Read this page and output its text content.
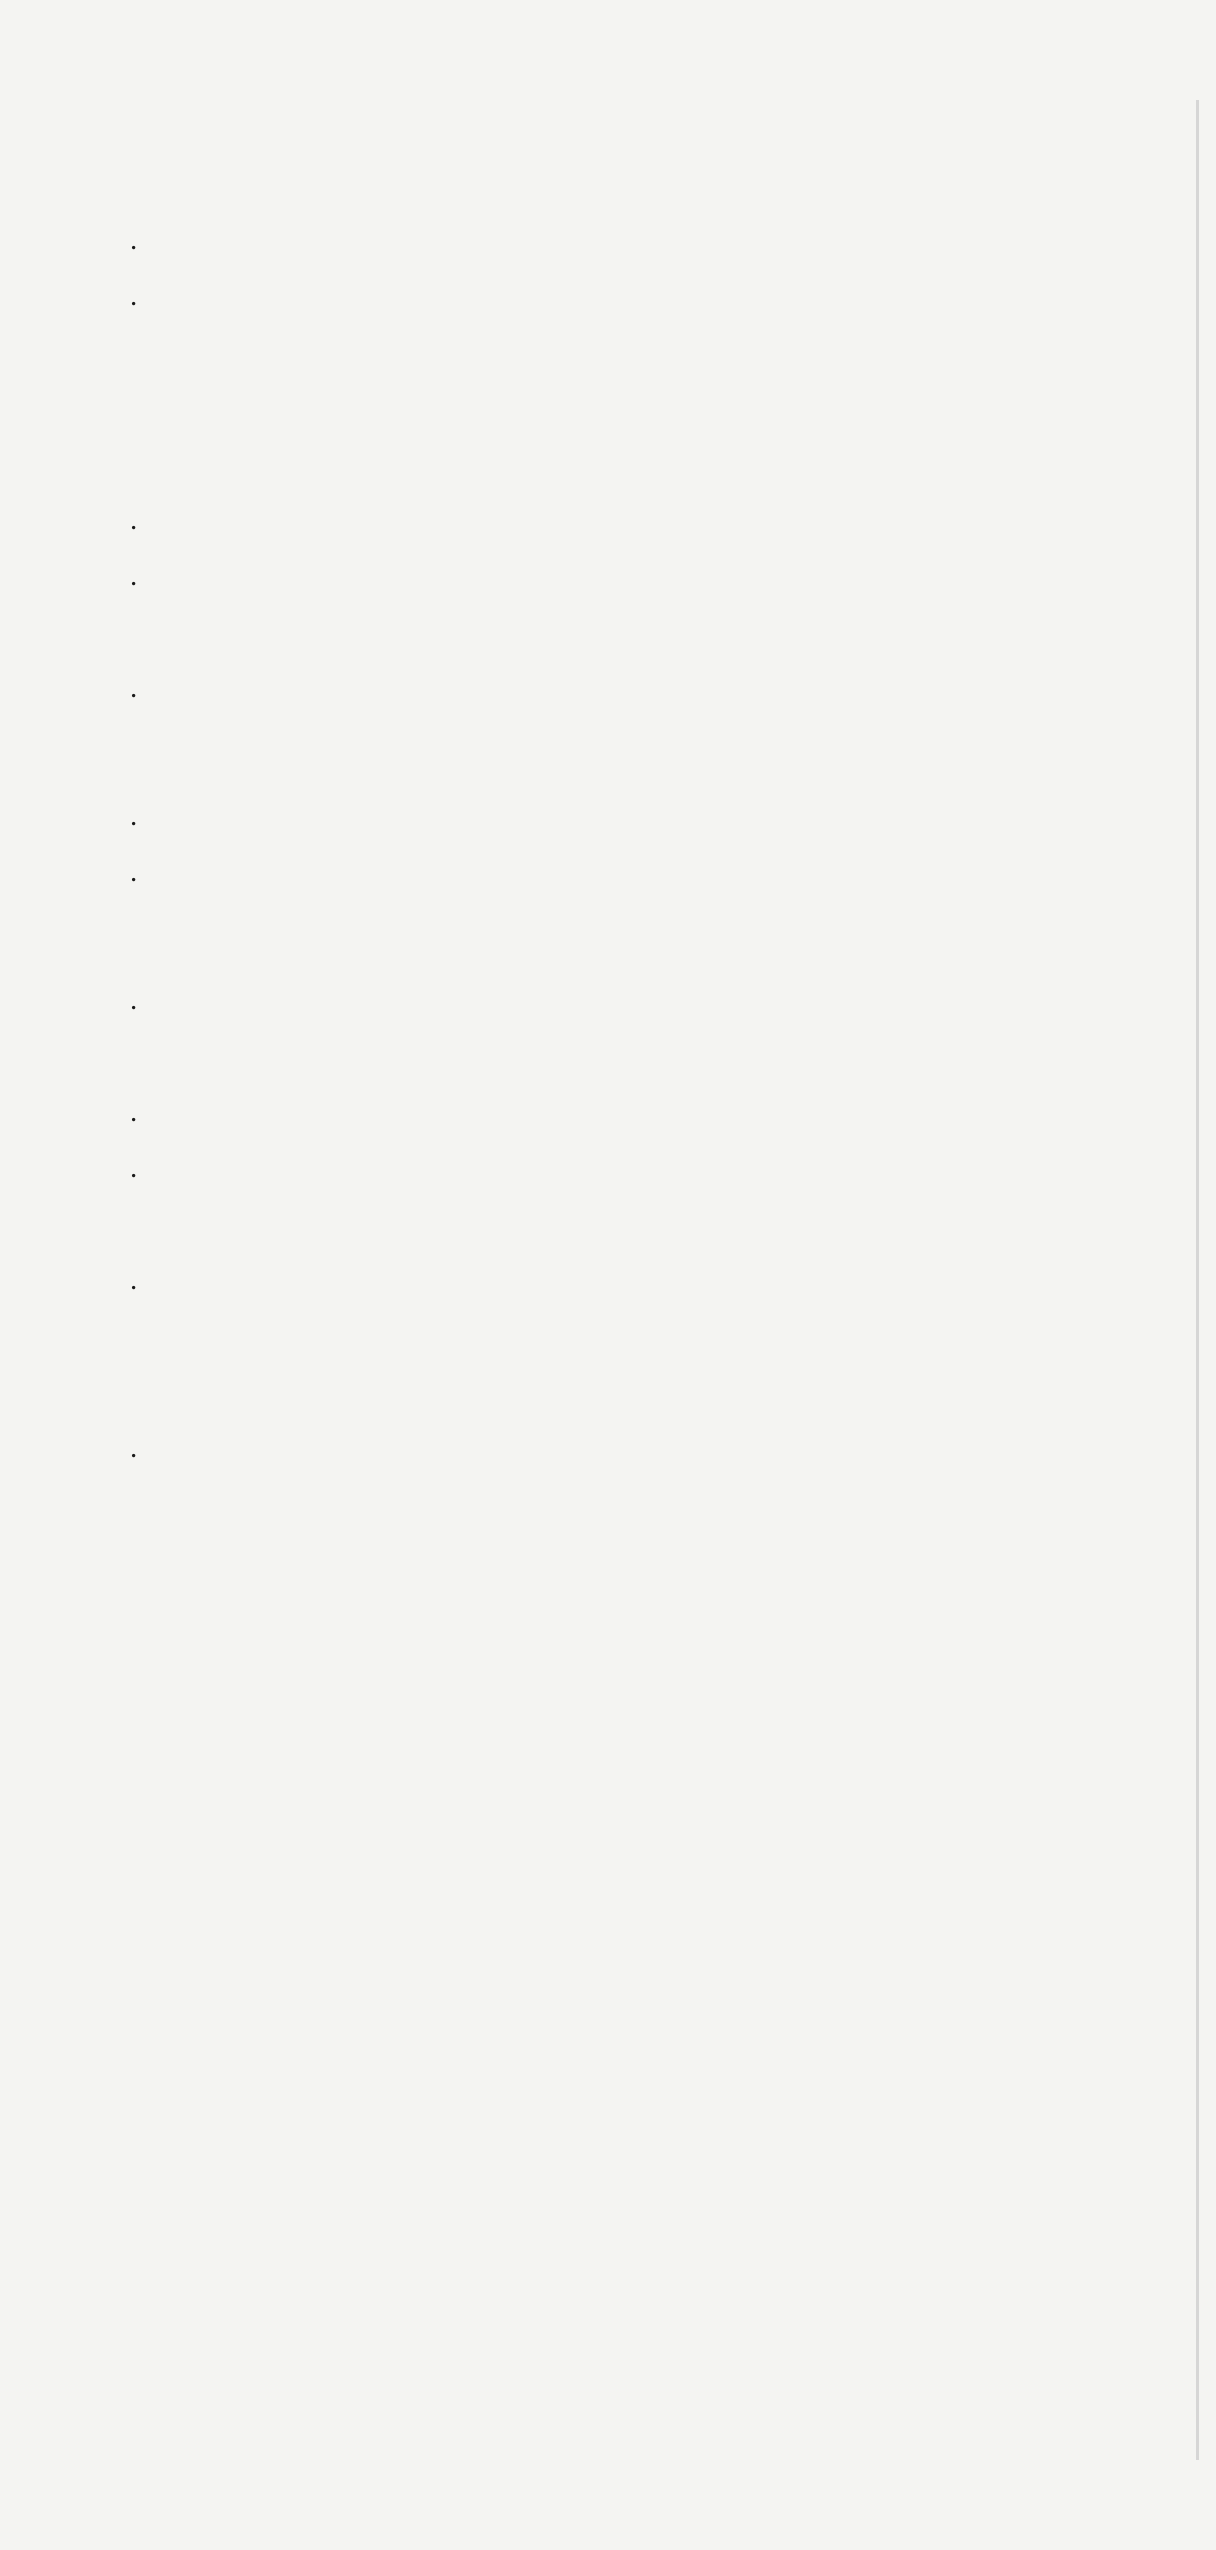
.
.
.
.
.
.
.
.
.
.
.
.
